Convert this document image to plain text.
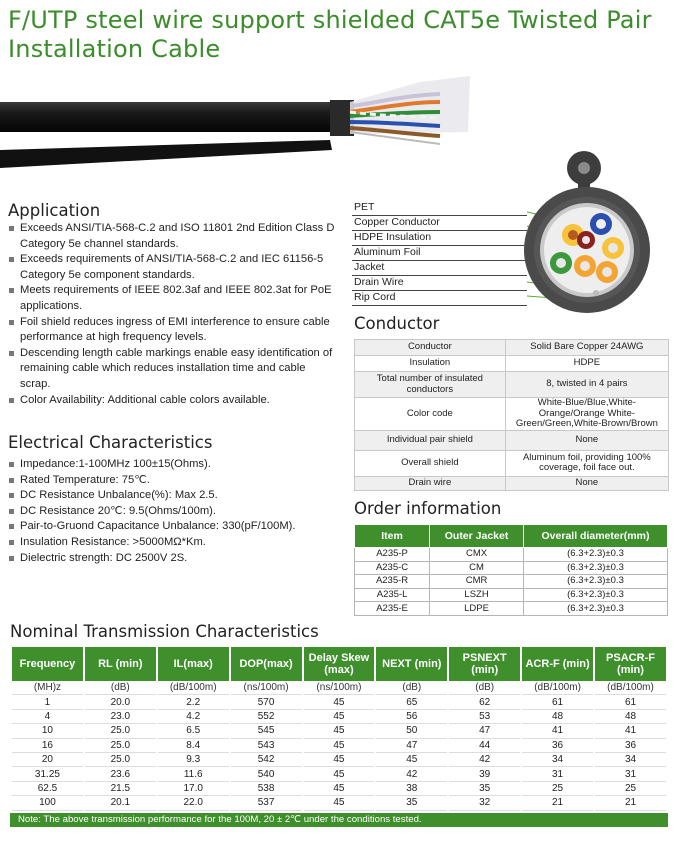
F/UTP steel wire support shielded CAT5e Twisted Pair Installation Cable
Application
Exceeds ANSI/TIA-568-C.2 and ISO 11801 2nd Edition Class D Category 5e channel standards.
Exceeds requirements of ANSI/TIA-568-C.2 and IEC 61156-5 Category 5e component standards.
Meets requirements of IEEE 802.3af and IEEE 802.3at for PoE applications.
Foil shield reduces ingress of EMI interference to ensure cable performance at high frequency levels.
Descending length cable markings enable easy identification of remaining cable which reduces installation time and cable scrap.
Color Availability: Additional cable colors available.
Electrical Characteristics
Impedance:1-100MHz 100±15(Ohms).
Rated Temperature: 75℃.
DC Resistance Unbalance(%): Max 2.5.
DC Resistance 20℃: 9.5(Ohms/100m).
Pair-to-Gruond Capacitance Unbalance: 330(pF/100M).
Insulation Resistance: >5000MΩ*Km.
Dielectric strength: DC 2500V 2S.
PET
Copper Conductor
HDPE Insulation
Aluminum Foil
Jacket
Drain Wire
Rip Cord
Conductor
Conductor	Solid Bare Copper 24AWG
Insulation	HDPE
Total number of insulated conductors	8, twisted in 4 pairs
Color code	White-Blue/Blue,White-Orange/Orange White-Green/Green,White-Brown/Brown
Individual pair shield	None
Overall shield	Aluminum foil, providing 100% coverage, foil face out.
Drain wire	None
Order information
Item	Outer Jacket	Overall diameter(mm)
A235-P	CMX	(6.3+2.3)±0.3
A235-C	CM	(6.3+2.3)±0.3
A235-R	CMR	(6.3+2.3)±0.3
A235-L	LSZH	(6.3+2.3)±0.3
A235-E	LDPE	(6.3+2.3)±0.3
Nominal Transmission Characteristics
Frequency	RL (min)	IL(max)	DOP(max)	Delay Skew (max)	NEXT (min)	PSNEXT (min)	ACR-F (min)	PSACR-F (min)
(MH)z	(dB)	(dB/100m)	(ns/100m)	(ns/100m)	(dB)	(dB)	(dB/100m)	(dB/100m)
1	20.0	2.2	570	45	65	62	61	61
4	23.0	4.2	552	45	56	53	48	48
10	25.0	6.5	545	45	50	47	41	41
16	25.0	8.4	543	45	47	44	36	36
20	25.0	9.3	542	45	45	42	34	34
31.25	23.6	11.6	540	45	42	39	31	31
62.5	21.5	17.0	538	45	38	35	25	25
100	20.1	22.0	537	45	35	32	21	21
Note: The above transmission performance for the 100M, 20 ± 2℃ under the conditions tested.
